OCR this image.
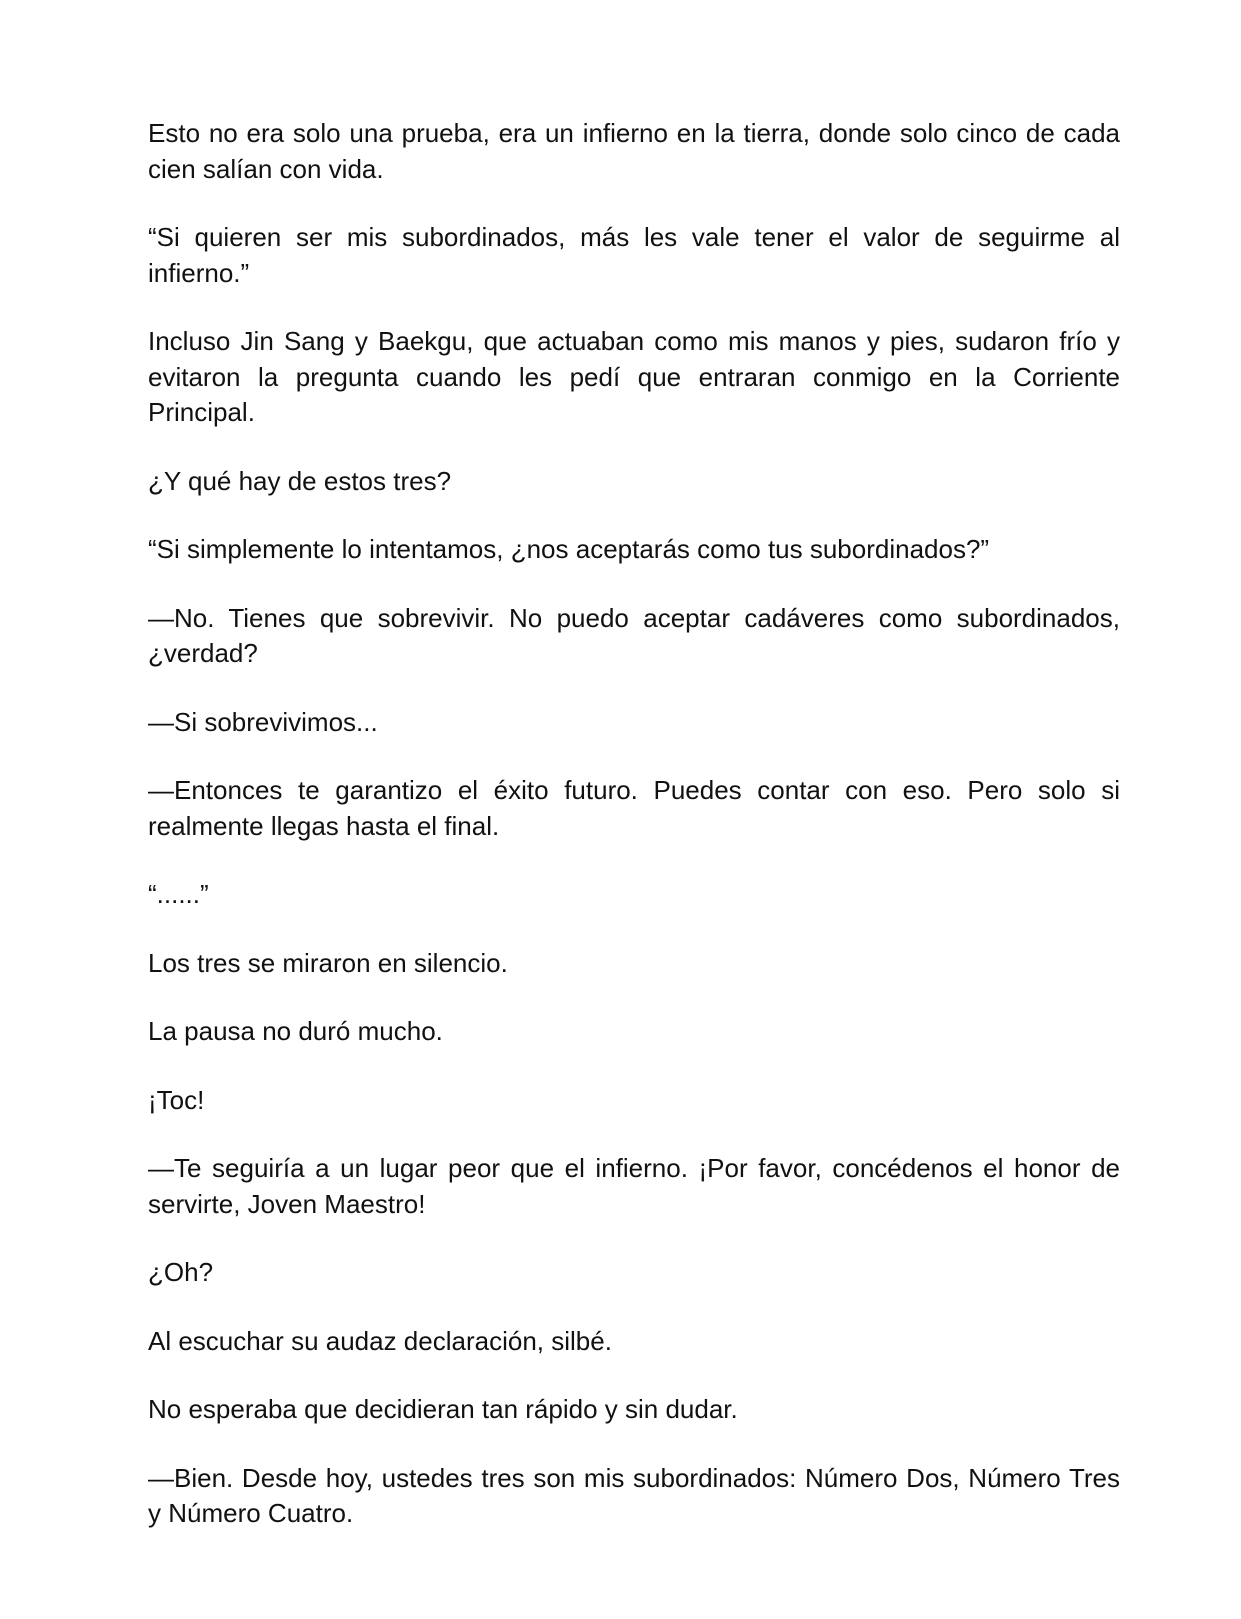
Esto no era solo una prueba, era un infierno en la tierra, donde solo cinco de cada cien salían con vida.

“Si quieren ser mis subordinados, más les vale tener el valor de seguirme al infierno.”

Incluso Jin Sang y Baekgu, que actuaban como mis manos y pies, sudaron frío y evitaron la pregunta cuando les pedí que entraran conmigo en la Corriente Principal.

¿Y qué hay de estos tres?

“Si simplemente lo intentamos, ¿nos aceptarás como tus subordinados?”

—No. Tienes que sobrevivir. No puedo aceptar cadáveres como subordinados, ¿verdad?

—Si sobrevivimos...

—Entonces te garantizo el éxito futuro. Puedes contar con eso. Pero solo si realmente llegas hasta el final.

“......”

Los tres se miraron en silencio.

La pausa no duró mucho.

¡Toc!

—Te seguiría a un lugar peor que el infierno. ¡Por favor, concédenos el honor de servirte, Joven Maestro!

¿Oh?

Al escuchar su audaz declaración, silbé.

No esperaba que decidieran tan rápido y sin dudar.

—Bien. Desde hoy, ustedes tres son mis subordinados: Número Dos, Número Tres y Número Cuatro.
